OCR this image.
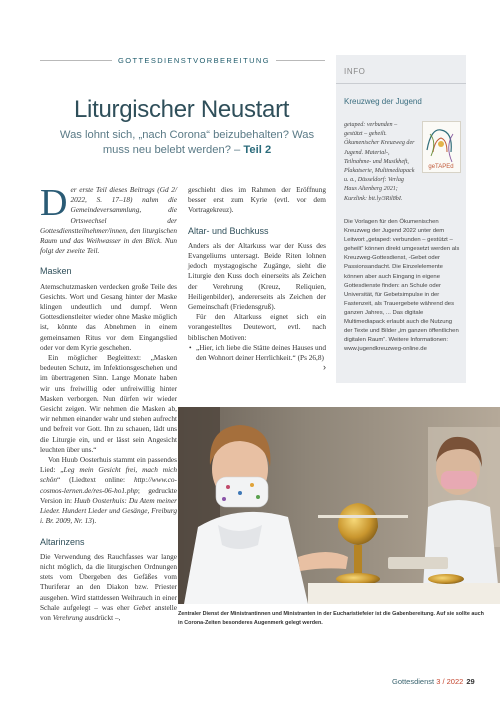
GOTTESDIENSTVORBEREITUNG
Liturgischer Neustart
Was lohnt sich, „nach Corona“ beizubehalten? Was muss neu belebt werden? – Teil 2
Der erste Teil dieses Beitrags (Gd 2/ 2022, S. 17–18) nahm die Gemeindeversammlung, die Ortswechsel der Gottesdienstteilnehmer/innen, den liturgischen Raum und das Weihwasser in den Blick. Nun folgt der zweite Teil.
Masken
Atemschutzmasken verdecken große Teile des Gesichts. Wort und Gesang hinter der Maske klingen undeutlich und dumpf. Wenn Gottesdienstleiter wieder ohne Maske möglich ist, könnte das Abnehmen in einem gemeinsamen Ritus vor dem Eingangslied oder vor dem Kyrie geschehen.
Ein möglicher Begleittext: „Masken bedeuten Schutz, im Infektionsgeschehen und im übertragenen Sinn. Lange Monate haben wir uns freiwillig oder unfreiwillig hinter Masken verborgen. Nun dürfen wir wieder Gesicht zeigen. Wir nehmen die Masken ab, wir nehmen einander wahr und stehen aufrecht und befreit vor Gott. Ihn zu schauen, lädt uns die Liturgie ein, und er lässt sein Angesicht leuchten über uns.“
Von Huub Oosterhuis stammt ein passendes Lied: „Leg mein Gesicht frei, mach mich schön“ (Liedtext online: http://www.co-cosmos-lernen.de/res-06-ho1.php; gedruckte Version in: Huub Oosterhuis: Du Atem meiner Lieder. Hundert Lieder und Gesänge, Freiburg i. Br. 2009, Nr. 13).
Altarinzens
Die Verwendung des Rauchfasses war lange nicht möglich, da die liturgischen Ordnungen stets vom Übergeben des Gefäßes vom Thuriferar an den Diakon bzw. Priester ausgehen. Wird stattdessen Weihrauch in einer Schale aufgelegt – was eher Gebet anstelle von Verehrung ausdrückt –,
geschieht dies im Rahmen der Eröffnung besser erst zum Kyrie (evtl. vor dem Vortragekreuz).
Altar- und Buchkuss
Anders als der Altarkuss war der Kuss des Evangeliums untersagt. Beide Riten lohnen jedoch mystagogische Zugänge, sieht die Liturgie den Kuss doch einerseits als Zeichen der Verehrung (Kreuz, Reliquien, Heiligenbilder), andererseits als Zeichen der Gemeinschaft (Friedensgruß).
Für den Altarkuss eignet sich ein vorangestelltes Deutewort, evtl. nach biblischen Motiven:
• „Hier, ich liebe die Stätte deines Hauses und den Wohnort deiner Herrlichkeit.“ (Ps 26,8)
›
INFO
Kreuzweg der Jugend
getaped: verbunden – gestützt – geheilt. Ökumenischer Kreuzweg der Jugend. Material-, Teilnahme- und Musikheft, Plakatserie, Multimediapack u. a., Düsseldorf: Verlag Haus Altenberg 2021; Kurzlink: bit.ly/3Ril8bI.
geTAPEd
Die Vorlagen für den Ökumenischen Kreuzweg der Jugend 2022 unter dem Leitwort „getaped: verbunden – gestützt – geheilt“ können direkt umgesetzt werden als Kreuzweg-Gottesdienst, -Gebet oder Passionsandacht. Die Einzelelemente können aber auch Eingang in eigene Gottesdienste finden: an Schule oder Universität, für Gebetsimpulse in der Fastenzeit, als Trauergebete während des ganzen Jahres, ... Das digitale Multimediapack erlaubt auch die Nutzung der Texte und Bilder „im ganzen öffentlichen digitalen Raum“. Weitere Informationen: www.jugendkreuzweg-online.de
Zentraler Dienst der Ministrantinnen und Ministranten in der Eucharistiefeier ist die Gabenbereitung. Auf sie sollte auch in Corona-Zeiten besonderes Augenmerk gelegt werden.
Gottesdienst 3 / 2022 29
